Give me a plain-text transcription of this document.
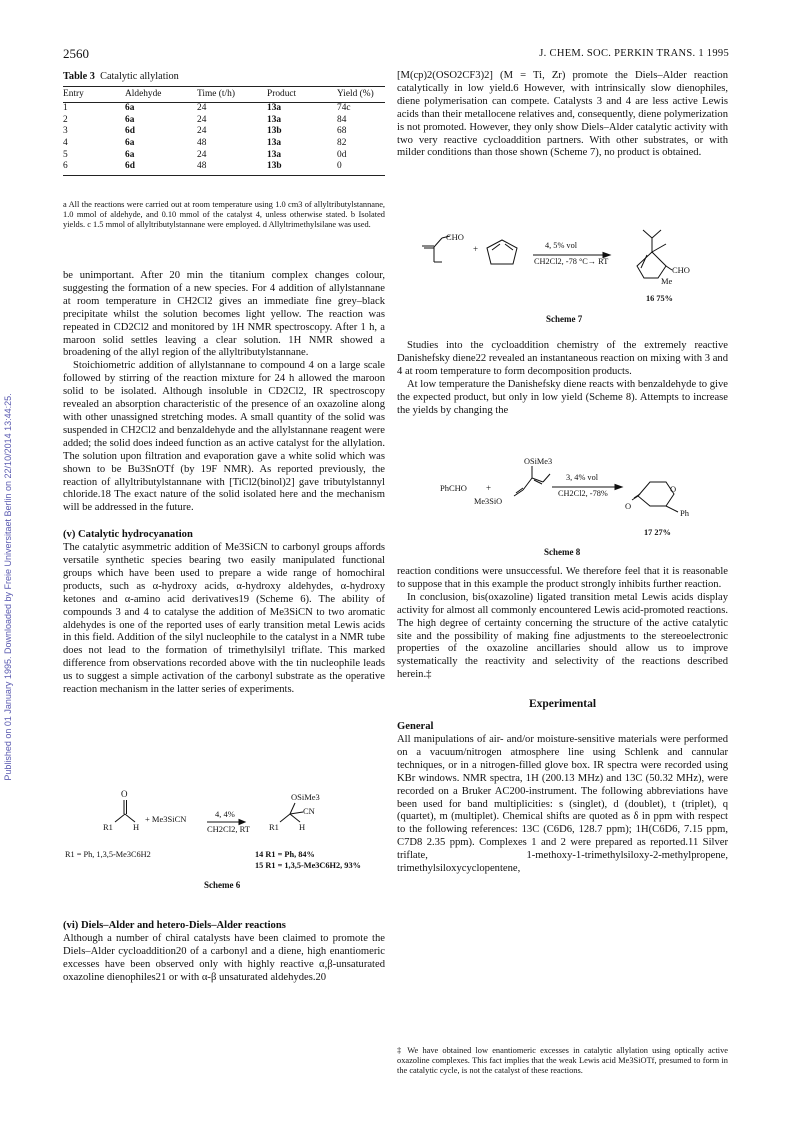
2560	J. CHEM. SOC. PERKIN TRANS. 1 1995
Published on 01 January 1995. Downloaded by Freie Universitaet Berlin on 22/10/2014 13:44:25.
Table 3 Catalytic allylation
Entry	Aldehyde	Time (t/h)	Product	Yield (%)
1	6a	24	13a	74c
2	6a	24	13a	84
3	6d	24	13b	68
4	6a	48	13a	82
5	6a	24	13a	0d
6	6d	48	13b	0
a All the reactions were carried out at room temperature using 1.0 cm3 of allyltributylstannane, 1.0 mmol of aldehyde, and 0.10 mmol of the catalyst 4, unless otherwise stated. b Isolated yields. c 1.5 mmol of allyltributylstannane were employed. d Allyltrimethylsilane was used.

be unimportant. After 20 min the titanium complex changes colour, suggesting the formation of a new species. For 4 addition of allylstannane at room temperature in CH2Cl2 gives an immediate fine grey–black precipitate whilst the solution becomes light yellow. The reaction was repeated in CD2Cl2 and monitored by 1H NMR spectroscopy. After 1 h, a maroon solid settles leaving a clear solution. 1H NMR showed a broadening of the allyl region of the allyltributylstannane.

Stoichiometric addition of allylstannane to compound 4 on a large scale followed by stirring of the reaction mixture for 24 h allowed the maroon solid to be isolated. Although insoluble in CD2Cl2, IR spectroscopy revealed an absorption characteristic of the presence of an oxazoline along with other unassigned stretching modes. A small quantity of the solid was suspended in CH2Cl2 and benzaldehyde and the allylstannane reagent were added; the solid does indeed function as an active catalyst for the allylation. The solution upon filtration and evaporation gave a white solid which was shown to be Bu3SnOTf (by 19F NMR). As reported previously, the reaction of allyltributylstannane with [TiCl2(binol)2] gave tributylstannyl chloride.18 The exact nature of the solid isolated here and the mechanism will be addressed in the future.

(v) Catalytic hydrocyanation

The catalytic asymmetric addition of Me3SiCN to carbonyl groups affords versatile synthetic species bearing two easily manipulated functional groups which have been used to prepare a wide range of homochiral products, such as α-hydroxy acids, α-hydroxy aldehydes, α-hydroxy ketones and α-amino acid derivatives19 (Scheme 6). The ability of compounds 3 and 4 to catalyse the addition of Me3SiCN to two aromatic aldehydes is one of the reported uses of early transition metal Lewis acids in this field. Addition of the silyl nucleophile to the catalyst in a NMR tube does not lead to the formation of trimethylsilyl triflate. This marked difference from observations recorded above with the tin nucleophile leads us to suggest a simple activation of the carbonyl substrate as the operative reaction mechanism in the latter series of experiments.

O
R1 H
+ Me3SiCN	4, 4%
CH2Cl2, RT
OSiMe3
CN
R1 H
R1 = Ph, 1,3,5-Me3C6H2	14 R1 = Ph, 84%
15 R1 = 1,3,5-Me3C6H2, 93%
Scheme 6

(vi) Diels–Alder and hetero-Diels–Alder reactions

Although a number of chiral catalysts have been claimed to promote the Diels–Alder cycloaddition20 of a carbonyl and a diene, high enantiomeric excesses have been observed only with highly reactive α,β-unsaturated oxazoline dienophiles21 or with α-β unsaturated aldehydes.20

[M(cp)2(OSO2CF3)2] (M = Ti, Zr) promote the Diels–Alder reaction catalytically in low yield.6 However, with intrinsically slow dienophiles, diene polymerisation can compete. Catalysts 3 and 4 are less active Lewis acids than their metallocene relatives and, consequently, diene polymerization is not promoted. However, they only show Diels–Alder catalytic activity with two very reactive cycloaddition partners. With other substrates, or with milder conditions than those shown (Scheme 7), no product is obtained.

CHO
+	4, 5% vol
CH2Cl2, -78 °C→ RT
CHO
Me
16 75%
Scheme 7

Studies into the cycloaddition chemistry of the extremely reactive Danishefsky diene22 revealed an instantaneous reaction on mixing with 3 and 4 at room temperature to form decomposition products.

At low temperature the Danishefsky diene reacts with benzaldehyde to give the expected product, but only in low yield (Scheme 8). Attempts to increase the yields by changing the

PhCHO +
OSiMe3
Me3SiO
3, 4% vol
CH2Cl2, -78%	O
O
Ph
17 27%
Scheme 8

reaction conditions were unsuccessful. We therefore feel that it is reasonable to suppose that in this example the product strongly inhibits further reaction.

In conclusion, bis(oxazoline) ligated transition metal Lewis acids display activity for almost all commonly encountered Lewis acid-promoted reactions. The high degree of certainty concerning the structure of the active catalytic site and the possibility of making fine adjustments to the stereoelectronic properties of the oxazoline ancillaries should allow us to improve systematically the reactivity and selectivity of the reactions described herein.‡

Experimental

General

All manipulations of air- and/or moisture-sensitive materials were performed on a vacuum/nitrogen atmosphere line using Schlenk and cannular techniques, or in a nitrogen-filled glove box. IR spectra were recorded using KBr windows. NMR spectra, 1H (200.13 MHz) and 13C (50.32 MHz), were recorded on a Bruker AC200-instrument. The following abbreviations have been used for band multiplicities: s (singlet), d (doublet), t (triplet), q (quartet), m (multiplet). Chemical shifts are quoted as δ in ppm with respect to the following references: 13C (C6D6, 128.7 ppm); 1H(C6D6, 7.15 ppm, C7D8 2.35 ppm). Complexes 1 and 2 were prepared as reported.11 Silver triflate, 1-methoxy-1-trimethylsiloxy-2-methylpropene, trimethylsiloxycyclopentene,

‡ We have obtained low enantiomeric excesses in catalytic allylation using optically active oxazoline complexes. This fact implies that the weak Lewis acid Me3SiOTf, presumed to form in the catalytic cycle, is not the catalyst of these reactions.
